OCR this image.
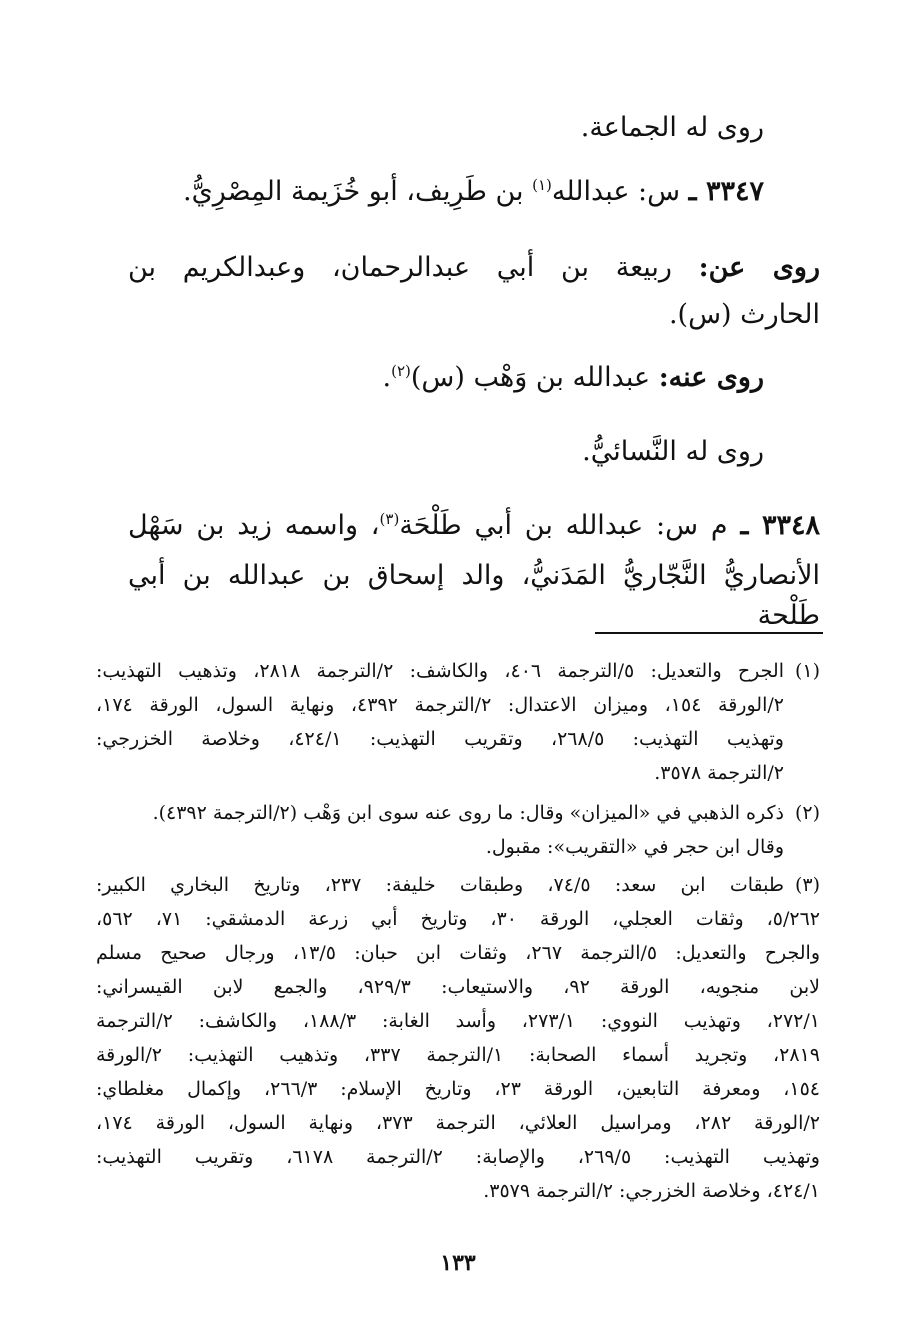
روى له الجماعة.

٣٣٤٧ ـ س: عبدالله$^{(١)}$ بن طَرِيف، أبو خُزَيمة المِصْرِيُّ.

روى عن: ربيعة بن أبي عبدالرحمان، وعبدالكريم بن

الحارث (س).

روى عنه: عبدالله بن وَهْب (س)$^{(٢)}$.

روى له النَّسائيُّ.

٣٣٤٨ ـ م س: عبدالله بن أبي طَلْحَة$^{(٣)}$، واسمه زيد بن سَهْل

الأنصاريُّ النَّجّاريُّ المَدَنيُّ، والد إسحاق بن عبدالله بن أبي طَلْحة

(١)

الجرح والتعديل: ٥/الترجمة ٤٠٦، والكاشف: ٢/الترجمة ٢٨١٨، وتذهيب التهذيب:

٢/الورقة ١٥٤، وميزان الاعتدال: ٢/الترجمة ٤٣٩٢، ونهاية السول، الورقة ١٧٤،

وتهذيب التهذيب: ٢٦٨/٥، وتقريب التهذيب: ٤٢٤/١، وخلاصة الخزرجي:

٢/الترجمة ٣٥٧٨.

(٢)

ذكره الذهبي في «الميزان» وقال: ما روى عنه سوى ابن وَهْب (٢/الترجمة ٤٣٩٢).

وقال ابن حجر في «التقريب»: مقبول.

(٣)

طبقات ابن سعد: ٧٤/٥، وطبقات خليفة: ٢٣٧، وتاريخ البخاري الكبير:

٥/٢٦٢، وثقات العجلي، الورقة ٣٠، وتاريخ أبي زرعة الدمشقي: ٧١، ٥٦٢،

والجرح والتعديل: ٥/الترجمة ٢٦٧، وثقات ابن حبان: ١٣/٥، ورجال صحيح مسلم

لابن منجويه، الورقة ٩٢، والاستيعاب: ٩٢٩/٣، والجمع لابن القيسراني:

٢٧٢/١، وتهذيب النووي: ٢٧٣/١، وأسد الغابة: ١٨٨/٣، والكاشف: ٢/الترجمة

٢٨١٩، وتجريد أسماء الصحابة: ١/الترجمة ٣٣٧، وتذهيب التهذيب: ٢/الورقة

١٥٤، ومعرفة التابعين، الورقة ٢٣، وتاريخ الإسلام: ٢٦٦/٣، وإكمال مغلطاي:

٢/الورقة ٢٨٢، ومراسيل العلائي، الترجمة ٣٧٣، ونهاية السول، الورقة ١٧٤،

وتهذيب التهذيب: ٢٦٩/٥، والإصابة: ٢/الترجمة ٦١٧٨، وتقريب التهذيب:

٤٢٤/١، وخلاصة الخزرجي: ٢/الترجمة ٣٥٧٩.

١٣٣
